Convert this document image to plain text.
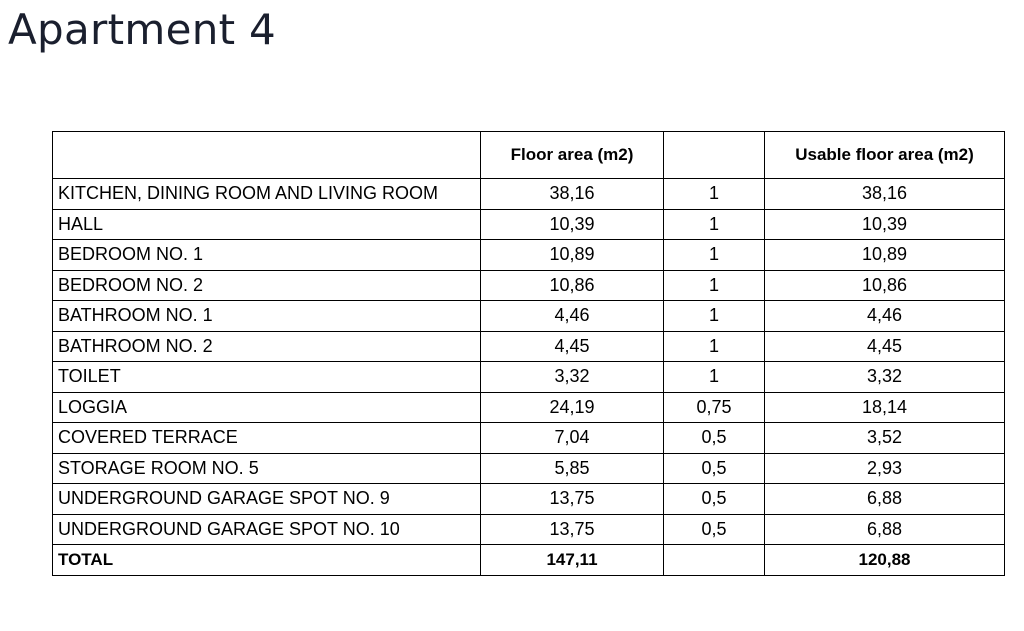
Apartment 4
	Floor area (m2)		Usable floor area (m2)
KITCHEN, DINING ROOM AND LIVING ROOM	38,16	1	38,16
HALL	10,39	1	10,39
BEDROOM NO. 1	10,89	1	10,89
BEDROOM NO. 2	10,86	1	10,86
BATHROOM NO. 1	4,46	1	4,46
BATHROOM NO. 2	4,45	1	4,45
TOILET	3,32	1	3,32
LOGGIA	24,19	0,75	18,14
COVERED TERRACE	7,04	0,5	3,52
STORAGE ROOM NO. 5	5,85	0,5	2,93
UNDERGROUND GARAGE SPOT NO. 9	13,75	0,5	6,88
UNDERGROUND GARAGE SPOT NO. 10	13,75	0,5	6,88
TOTAL	147,11		120,88
